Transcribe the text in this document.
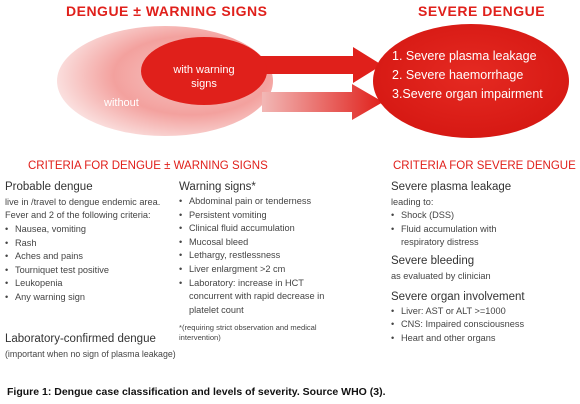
DENGUE ± WARNING SIGNS	SEVERE DENGUE
without
with warning signs
1. Severe plasma leakage
2. Severe haemorrhage
3.Severe organ impairment
CRITERIA FOR DENGUE ± WARNING SIGNS
Probable dengue
live in /travel to dengue endemic area.
Fever and 2 of the following criteria:
• Nausea, vomiting
• Rash
• Aches and pains
• Tourniquet test positive
• Leukopenia
• Any warning sign
Laboratory-confirmed dengue
(important when no sign of plasma leakage)
Warning signs*
• Abdominal pain or tenderness
• Persistent vomiting
• Clinical fluid accumulation
• Mucosal bleed
• Lethargy, restlessness
• Liver enlargment >2 cm
• Laboratory: increase in HCT concurrent with rapid decrease in platelet count
*(requiring strict observation and medical intervention)
CRITERIA FOR SEVERE DENGUE
Severe plasma leakage
leading to:
• Shock (DSS)
• Fluid accumulation with respiratory distress
Severe bleeding
as evaluated by clinician
Severe organ involvement
• Liver: AST or ALT >=1000
• CNS: Impaired consciousness
• Heart and other organs
Figure 1: Dengue case classification and levels of severity. Source WHO (3).
